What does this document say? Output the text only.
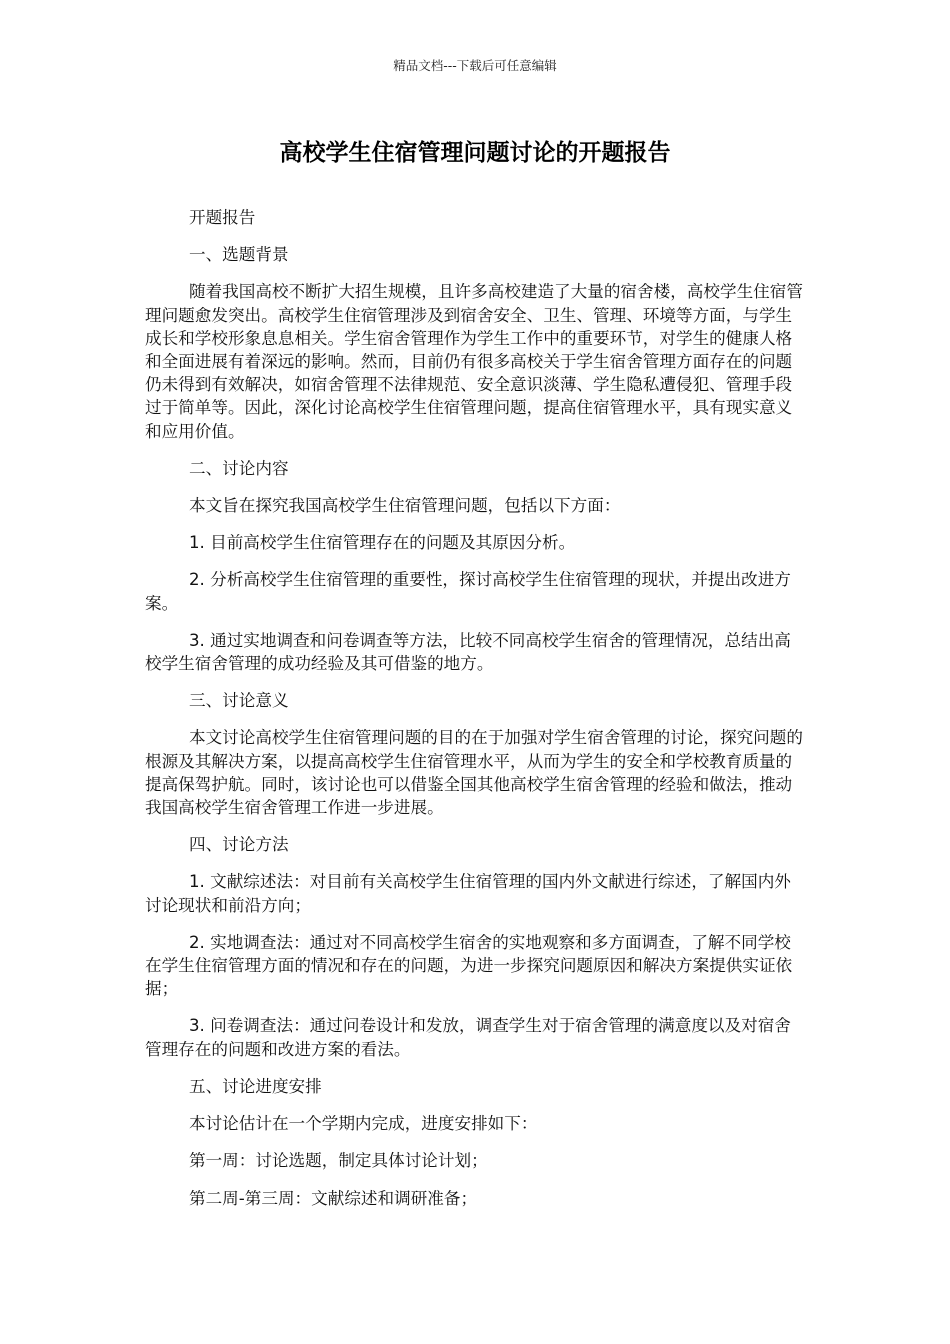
精品文档---下载后可任意编辑
高校学生住宿管理问题讨论的开题报告

开题报告

一、选题背景

随着我国高校不断扩大招生规模，且许多高校建造了大量的宿舍楼，高校学生住宿管理问题愈发突出。高校学生住宿管理涉及到宿舍安全、卫生、管理、环境等方面，与学生成长和学校形象息息相关。学生宿舍管理作为学生工作中的重要环节，对学生的健康人格和全面进展有着深远的影响。然而，目前仍有很多高校关于学生宿舍管理方面存在的问题仍未得到有效解决，如宿舍管理不法律规范、安全意识淡薄、学生隐私遭侵犯、管理手段过于简单等。因此，深化讨论高校学生住宿管理问题，提高住宿管理水平，具有现实意义和应用价值。

二、讨论内容

本文旨在探究我国高校学生住宿管理问题，包括以下方面：

1. 目前高校学生住宿管理存在的问题及其原因分析。

2. 分析高校学生住宿管理的重要性，探讨高校学生住宿管理的现状，并提出改进方案。

3. 通过实地调查和问卷调查等方法，比较不同高校学生宿舍的管理情况，总结出高校学生宿舍管理的成功经验及其可借鉴的地方。

三、讨论意义

本文讨论高校学生住宿管理问题的目的在于加强对学生宿舍管理的讨论，探究问题的根源及其解决方案，以提高高校学生住宿管理水平，从而为学生的安全和学校教育质量的提高保驾护航。同时，该讨论也可以借鉴全国其他高校学生宿舍管理的经验和做法，推动我国高校学生宿舍管理工作进一步进展。

四、讨论方法

1. 文献综述法：对目前有关高校学生住宿管理的国内外文献进行综述，了解国内外讨论现状和前沿方向；

2. 实地调查法：通过对不同高校学生宿舍的实地观察和多方面调查，了解不同学校在学生住宿管理方面的情况和存在的问题，为进一步探究问题原因和解决方案提供实证依据；

3. 问卷调查法：通过问卷设计和发放，调查学生对于宿舍管理的满意度以及对宿舍管理存在的问题和改进方案的看法。

五、讨论进度安排

本讨论估计在一个学期内完成，进度安排如下：

第一周：讨论选题，制定具体讨论计划；

第二周-第三周：文献综述和调研准备；
